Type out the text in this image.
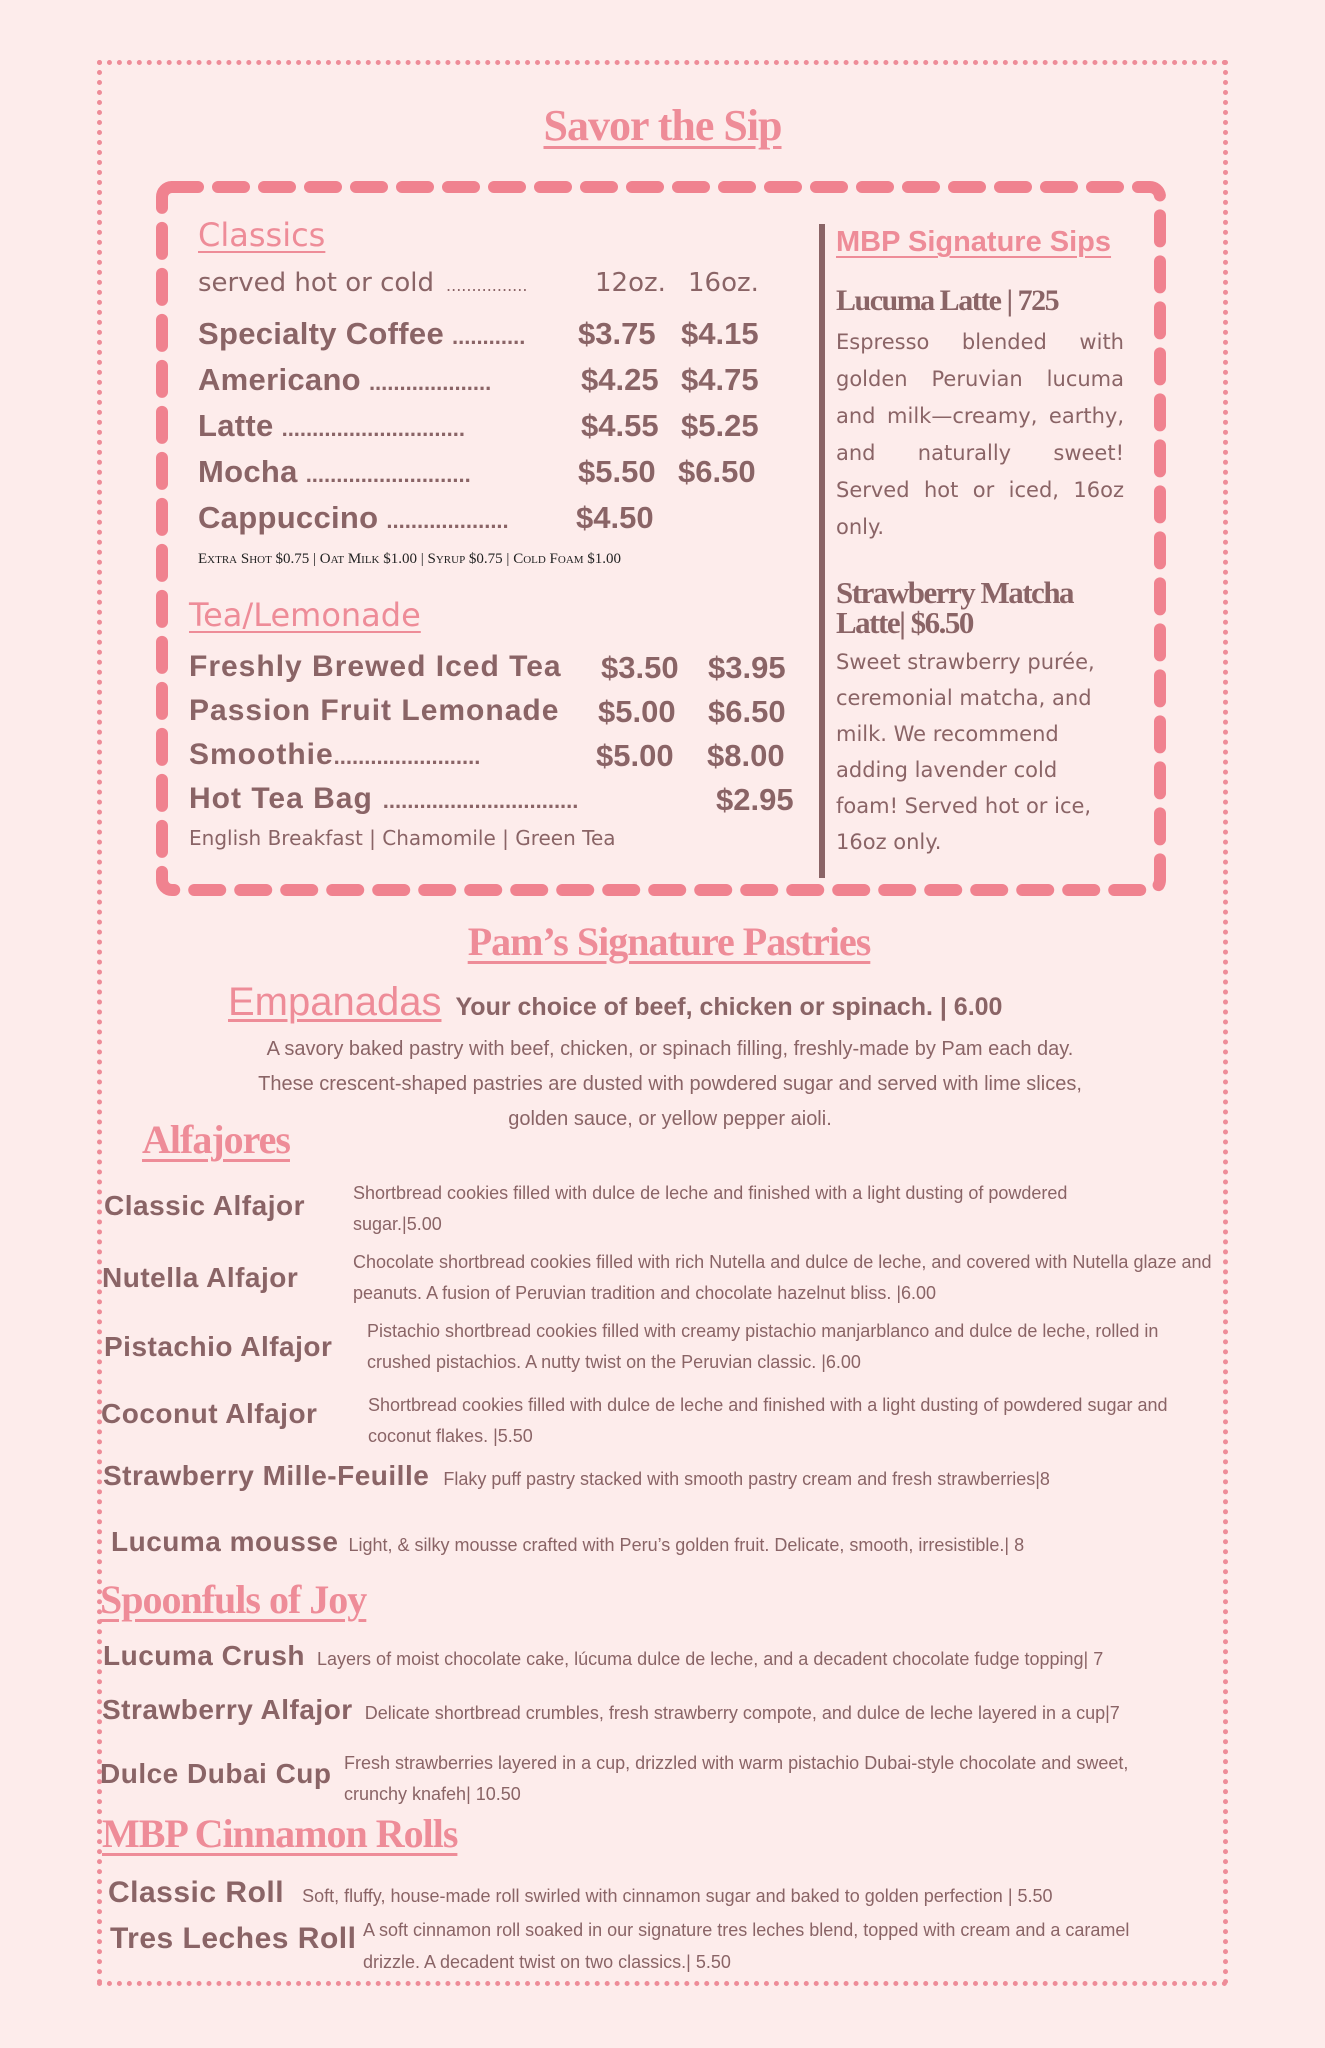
Savor the Sip
Classics
served hot or cold ................	12oz. 16oz.
Specialty Coffee ............ $3.75 $4.15
Americano ....................	$4.25 $4.75
Latte ..............................	$4.55 $5.25
Mocha ...........................	$5.50 $6.50
Cappuccino .................... $4.50
Extra Shot $0.75 | Oat Milk $1.00 | Syrup $0.75 | Cold Foam $1.00
Tea/Lemonade
Freshly Brewed Iced Tea $3.50 $3.95
Passion Fruit Lemonade $5.00 $6.50
Smoothie ........................	$5.00 $8.00
Hot Tea Bag ................................	$2.95
English Breakfast | Chamomile | Green Tea
MBP Signature Sips
Lucuma Latte | 725
Espresso blended with
golden Peruvian lucuma
and milk—creamy, earthy,
and naturally sweet!
Served hot or iced, 16oz
only.
Strawberry Matcha
Latte| $6.50
Sweet strawberry purée,
ceremonial matcha, and
milk. We recommend
adding lavender cold
foam! Served hot or ice,
16oz only.
Pam’s Signature Pastries
Empanadas Your choice of beef, chicken or spinach. | 6.00
A savory baked pastry with beef, chicken, or spinach filling, freshly-made by Pam each day.
These crescent-shaped pastries are dusted with powdered sugar and served with lime slices,
golden sauce, or yellow pepper aioli.
Alfajores
Classic Alfajor	Shortbread cookies filled with dulce de leche and finished with a light dusting of powdered sugar.|5.00
Nutella Alfajor	Chocolate shortbread cookies filled with rich Nutella and dulce de leche, and covered with Nutella glaze and peanuts. A fusion of Peruvian tradition and chocolate hazelnut bliss. |6.00
Pistachio Alfajor Pistachio shortbread cookies filled with creamy pistachio manjarblanco and dulce de leche, rolled in crushed pistachios. A nutty twist on the Peruvian classic. |6.00
Coconut Alfajor	Shortbread cookies filled with dulce de leche and finished with a light dusting of powdered sugar and coconut flakes. |5.50
Strawberry Mille-Feuille Flaky puff pastry stacked with smooth pastry cream and fresh strawberries|8
Lucuma mousse Light, & silky mousse crafted with Peru’s golden fruit. Delicate, smooth, irresistible.| 8
Spoonfuls of Joy
Lucuma Crush Layers of moist chocolate cake, lúcuma dulce de leche, and a decadent chocolate fudge topping| 7
Strawberry Alfajor Delicate shortbread crumbles, fresh strawberry compote, and dulce de leche layered in a cup|7
Dulce Dubai Cup Fresh strawberries layered in a cup, drizzled with warm pistachio Dubai-style chocolate and sweet, crunchy knafeh| 10.50
MBP Cinnamon Rolls
Classic Roll Soft, fluffy, house-made roll swirled with cinnamon sugar and baked to golden perfection | 5.50
Tres Leches Roll A soft cinnamon roll soaked in our signature tres leches blend, topped with cream and a caramel drizzle. A decadent twist on two classics.| 5.50
